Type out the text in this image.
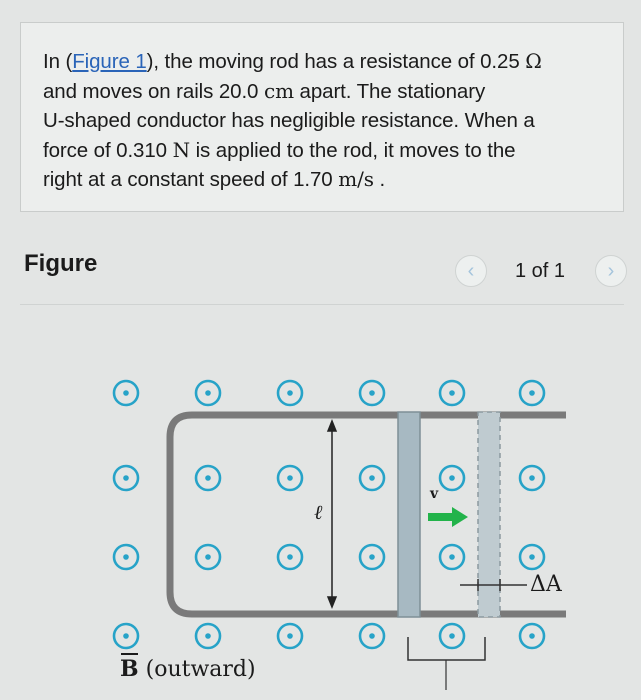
In (Figure 1), the moving rod has a resistance of 0.25 Ω
and moves on rails 20.0 cm apart. The stationary
U-shaped conductor has negligible resistance. When a
force of 0.310 N is applied to the rod, it moves to the
right at a constant speed of 1.70 m/s .

Figure	‹ 1 of 1 ›
ℓ
v
ΔA
B (outward)
